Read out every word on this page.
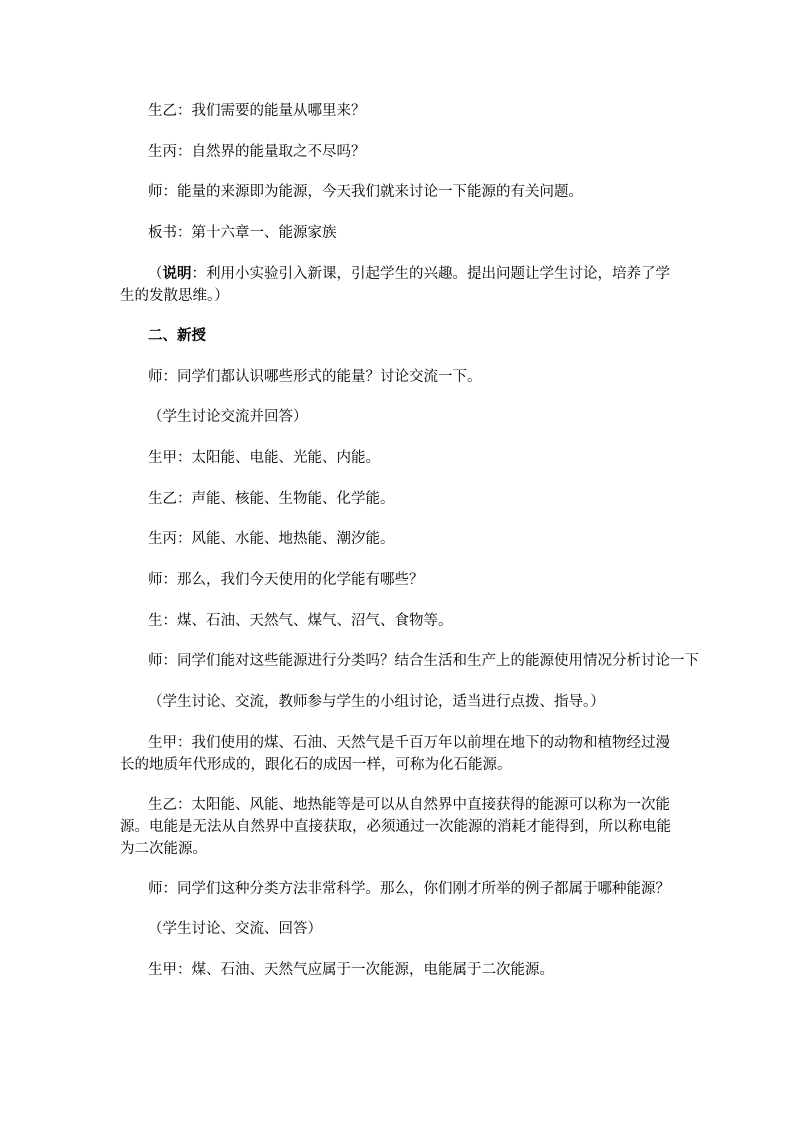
生乙：我们需要的能量从哪里来？
生丙：自然界的能量取之不尽吗？
师：能量的来源即为能源，今天我们就来讨论一下能源的有关问题。
板书：第十六章一、能源家族
（说明：利用小实验引入新课，引起学生的兴趣。提出问题让学生讨论，培养了学生的发散思维。）
二、新授
师：同学们都认识哪些形式的能量？讨论交流一下。
（学生讨论交流并回答）
生甲：太阳能、电能、光能、内能。
生乙：声能、核能、生物能、化学能。
生丙：风能、水能、地热能、潮汐能。
师：那么，我们今天使用的化学能有哪些？
生：煤、石油、天然气、煤气、沼气、食物等。
师：同学们能对这些能源进行分类吗？结合生活和生产上的能源使用情况分析讨论一下
（学生讨论、交流，教师参与学生的小组讨论，适当进行点拨、指导。）
生甲：我们使用的煤、石油、天然气是千百万年以前埋在地下的动物和植物经过漫长的地质年代形成的，跟化石的成因一样，可称为化石能源。
生乙：太阳能、风能、地热能等是可以从自然界中直接获得的能源可以称为一次能源。电能是无法从自然界中直接获取，必须通过一次能源的消耗才能得到，所以称电能为二次能源。
师：同学们这种分类方法非常科学。那么，你们刚才所举的例子都属于哪种能源？
（学生讨论、交流、回答）
生甲：煤、石油、天然气应属于一次能源，电能属于二次能源。
